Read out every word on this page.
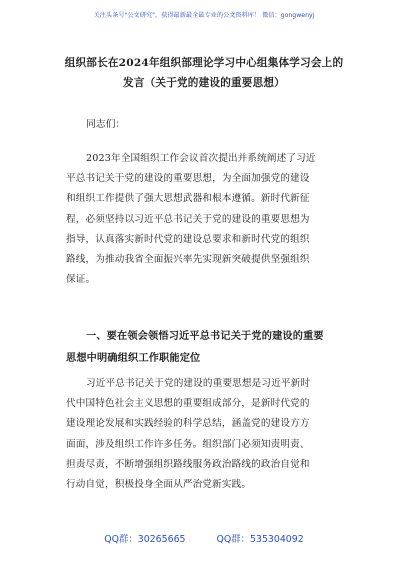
关注头条号"公文研究"，获得最新最全最专业的公文资料库！ 微信：gongwenyj
组织部长在2024年组织部理论学习中心组集体学习会上的
发言（关于党的建设的重要思想）
同志们：
2023年全国组织工作会议首次提出并系统阐述了习近
平总书记关于党的建设的重要思想，为全面加强党的建设
和组织工作提供了强大思想武器和根本遵循。新时代新征
程，必须坚持以习近平总书记关于党的建设的重要思想为
指导，认真落实新时代党的建设总要求和新时代党的组织
路线，为推动我省全面振兴率先实现新突破提供坚强组织
保证。
一、要在领会领悟习近平总书记关于党的建设的重要
思想中明确组织工作职能定位
习近平总书记关于党的建设的重要思想是习近平新时
代中国特色社会主义思想的重要组成部分，是新时代党的
建设理论发展和实践经验的科学总结，涵盖党的建设方方
面面，涉及组织工作许多任务。组织部门必须知责明责、
担责尽责，不断增强组织路线服务政治路线的政治自觉和
行动自觉，积极投身全面从严治党新实践。
QQ群：30265665	QQ群：535304092
